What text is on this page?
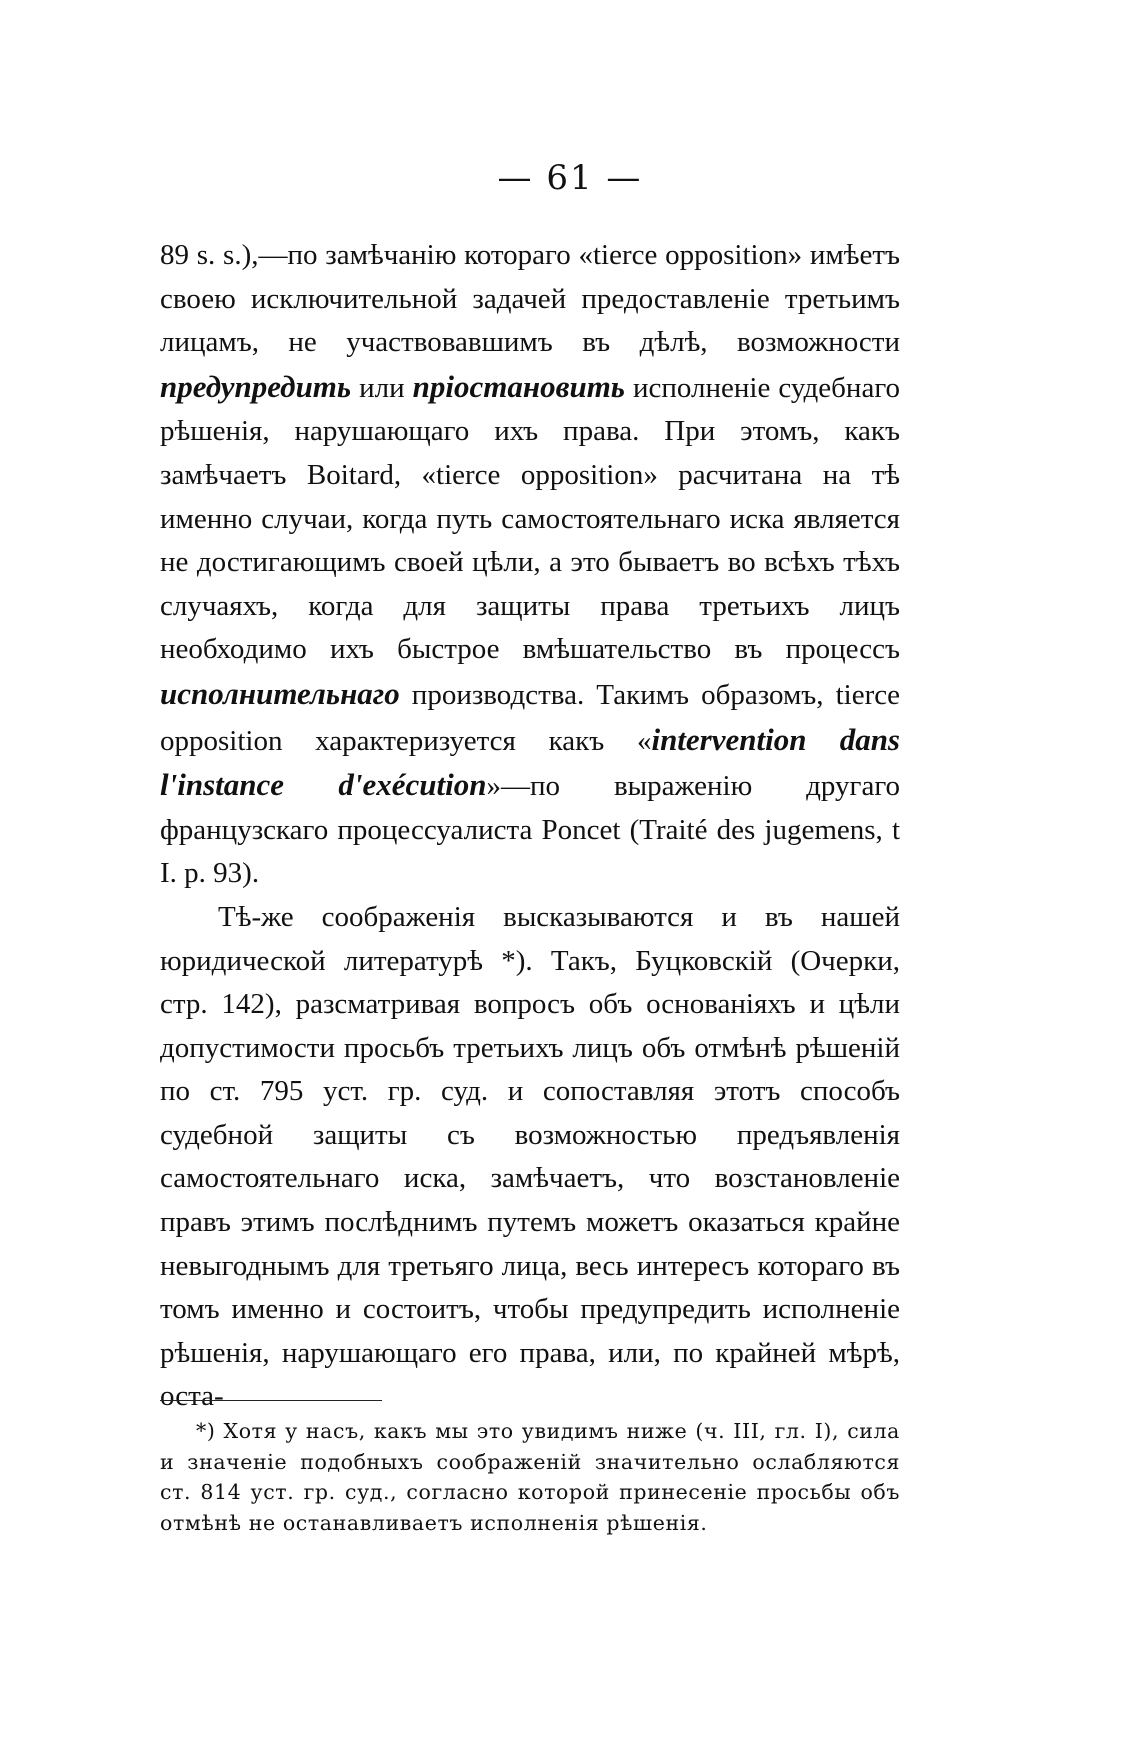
— 61 —

89 s. s.),—по замѣчанію котораго «tierce opposition» имѣетъ своею исключительной задачей предоставленіе третьимъ лицамъ, не участвовавшимъ въ дѣлѣ, возможности предупредить или пріостановить исполненіе судебнаго рѣшенія, нарушающаго ихъ права. При этомъ, какъ замѣчаетъ Boitard, «tierce opposition» расчитана на тѣ именно случаи, когда путь самостоятельнаго иска является не достигающимъ своей цѣли, а это бываетъ во всѣхъ тѣхъ случаяхъ, когда для защиты права третьихъ лицъ необходимо ихъ быстрое вмѣшательство въ процессъ исполнительнаго производства. Такимъ образомъ, tierce opposition характеризуется какъ «intervention dans l'instance d'exécution»—по выраженію другаго французскаго процессуалиста Poncet (Traité des jugemens, t I. p. 93).

Тѣ-же соображенія высказываются и въ нашей юридической литературѣ *). Такъ, Буцковскій (Очерки, стр. 142), разсматривая вопросъ объ основаніяхъ и цѣли допустимости просьбъ третьихъ лицъ объ отмѣнѣ рѣшеній по ст. 795 уст. гр. суд. и сопоставляя этотъ способъ судебной защиты съ возможностью предъявленія самостоятельнаго иска, замѣчаетъ, что возстановленіе правъ этимъ послѣднимъ путемъ можетъ оказаться крайне невыгоднымъ для третьяго лица, весь интересъ котораго въ томъ именно и состоитъ, чтобы предупредить исполненіе рѣшенія, нарушающаго его права, или, по крайней мѣрѣ, оста-

*) Хотя у насъ, какъ мы это увидимъ ниже (ч. III, гл. I), сила и значеніе подобныхъ соображеній значительно ослабляются ст. 814 уст. гр. суд., согласно которой принесеніе просьбы объ отмѣнѣ не останавливаетъ исполненія рѣшенія.
